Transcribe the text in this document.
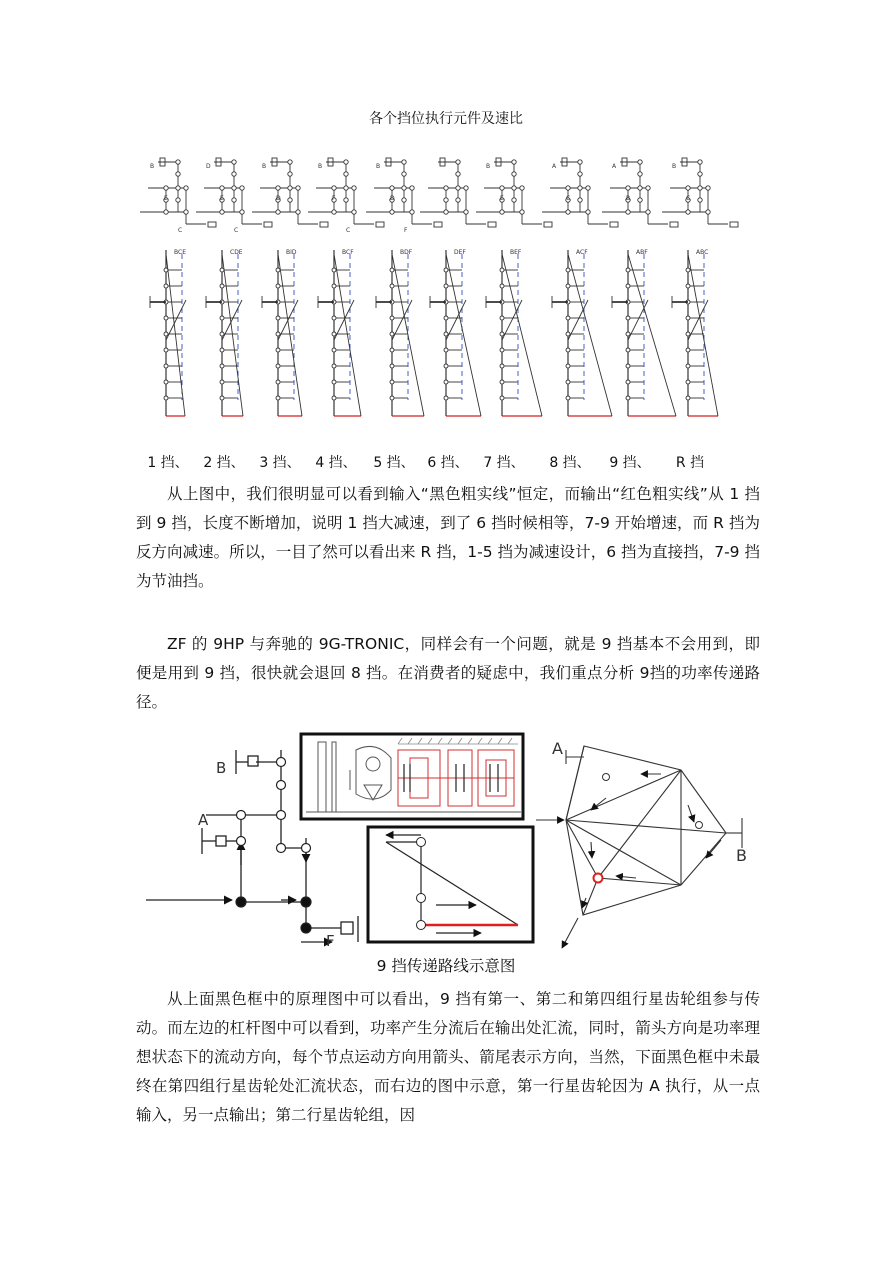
各个挡位执行元件及速比
B
E
C
BCE
D
E
C
CDE
B
D
BID
B
F
C
BCF
B
D
F
BDF	DEF
B
E
BEF
A
C
ACF
A
B
ABF
B
C
ABC
1 挡、 2 挡、 3 挡、 4 挡、 5 挡、 6 挡、 7 挡、 8 挡、 9 挡、 R 挡

从上图中，我们很明显可以看到输入“黑色粗实线”恒定，而输出“红色粗实线”从 1 挡到 9 挡，长度不断增加，说明 1 挡大减速，到了 6 挡时候相等，7-9 开始增速，而 R 挡为反方向减速。所以，一目了然可以看出来 R 挡，1-5 挡为减速设计，6 挡为直接挡，7-9 挡为节油挡。

ZF 的 9HP 与奔驰的 9G-TRONIC，同样会有一个问题，就是 9 挡基本不会用到，即便是用到 9 挡，很快就会退回 8 挡。在消费者的疑虑中，我们重点分析 9挡的功率传递路径。

B
A
F
A
B
9 挡传递路线示意图

从上面黑色框中的原理图中可以看出，9 挡有第一、第二和第四组行星齿轮组参与传动。而左边的杠杆图中可以看到，功率产生分流后在输出处汇流，同时，箭头方向是功率理想状态下的流动方向，每个节点运动方向用箭头、箭尾表示方向，当然，下面黑色框中未最终在第四组行星齿轮处汇流状态，而右边的图中示意，第一行星齿轮因为 A 执行，从一点输入，另一点输出；第二行星齿轮组，因
